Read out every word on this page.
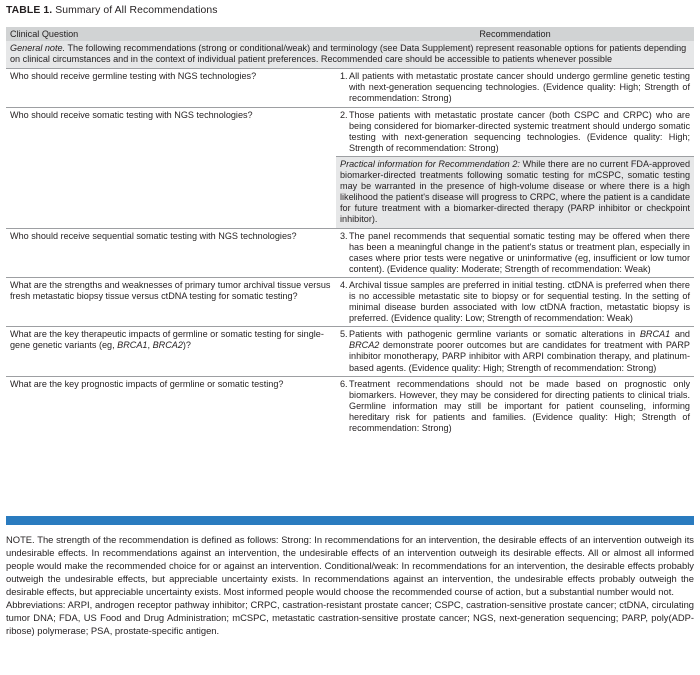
TABLE 1. Summary of All Recommendations
Clinical Question	Recommendation
General note. The following recommendations (strong or conditional/weak) and terminology (see Data Supplement) represent reasonable options for patients depending on clinical circumstances and in the context of individual patient preferences. Recommended care should be accessible to patients whenever possible	
Who should receive germline testing with NGS technologies?	1. All patients with metastatic prostate cancer should undergo germline genetic testing with next-generation sequencing technologies. (Evidence quality: High; Strength of recommendation: Strong)

Who should receive somatic testing with NGS technologies?	2. Those patients with metastatic prostate cancer (both CSPC and CRPC) who are being considered for biomarker-directed systemic treatment should undergo somatic testing with next-generation sequencing technologies. (Evidence quality: High; Strength of recommendation: Strong)

	Practical information for Recommendation 2: While there are no current FDA-approved biomarker-directed treatments following somatic testing for mCSPC, somatic testing may be warranted in the presence of high-volume disease or where there is a high likelihood the patient's disease will progress to CRPC, where the patient is a candidate for future treatment with a biomarker-directed therapy (PARP inhibitor or checkpoint inhibitor).
Who should receive sequential somatic testing with NGS technologies?	3. The panel recommends that sequential somatic testing may be offered when there has been a meaningful change in the patient's status or treatment plan, especially in cases where prior tests were negative or uninformative (eg, insufficient or low tumor content). (Evidence quality: Moderate; Strength of recommendation: Weak)

What are the strengths and weaknesses of primary tumor archival tissue versus fresh metastatic biopsy tissue versus ctDNA testing for somatic testing?	4. Archival tissue samples are preferred in initial testing. ctDNA is preferred when there is no accessible metastatic site to biopsy or for sequential testing. In the setting of minimal disease burden associated with low ctDNA fraction, metastatic biopsy is preferred. (Evidence quality: Low; Strength of recommendation: Weak)

What are the key therapeutic impacts of germline or somatic testing for single-gene genetic variants (eg, BRCA1, BRCA2)?	5. Patients with pathogenic germline variants or somatic alterations in BRCA1 and BRCA2 demonstrate poorer outcomes but are candidates for treatment with PARP inhibitor monotherapy, PARP inhibitor with ARPI combination therapy, and platinum-based agents. (Evidence quality: High; Strength of recommendation: Strong)

What are the key prognostic impacts of germline or somatic testing?	6. Treatment recommendations should not be made based on prognostic only biomarkers. However, they may be considered for directing patients to clinical trials. Germline information may still be important for patient counseling, informing hereditary risk for patients and families. (Evidence quality: High; Strength of recommendation: Strong)

NOTE. The strength of the recommendation is defined as follows: Strong: In recommendations for an intervention, the desirable effects of an intervention outweigh its undesirable effects. In recommendations against an intervention, the undesirable effects of an intervention outweigh its desirable effects. All or almost all informed people would make the recommended choice for or against an intervention. Conditional/weak: In recommendations for an intervention, the desirable effects probably outweigh the undesirable effects, but appreciable uncertainty exists. In recommendations against an intervention, the undesirable effects probably outweigh the desirable effects, but appreciable uncertainty exists. Most informed people would choose the recommended course of action, but a substantial number would not.

Abbreviations: ARPI, androgen receptor pathway inhibitor; CRPC, castration-resistant prostate cancer; CSPC, castration-sensitive prostate cancer; ctDNA, circulating tumor DNA; FDA, US Food and Drug Administration; mCSPC, metastatic castration-sensitive prostate cancer; NGS, next-generation sequencing; PARP, poly(ADP-ribose) polymerase; PSA, prostate-specific antigen.
